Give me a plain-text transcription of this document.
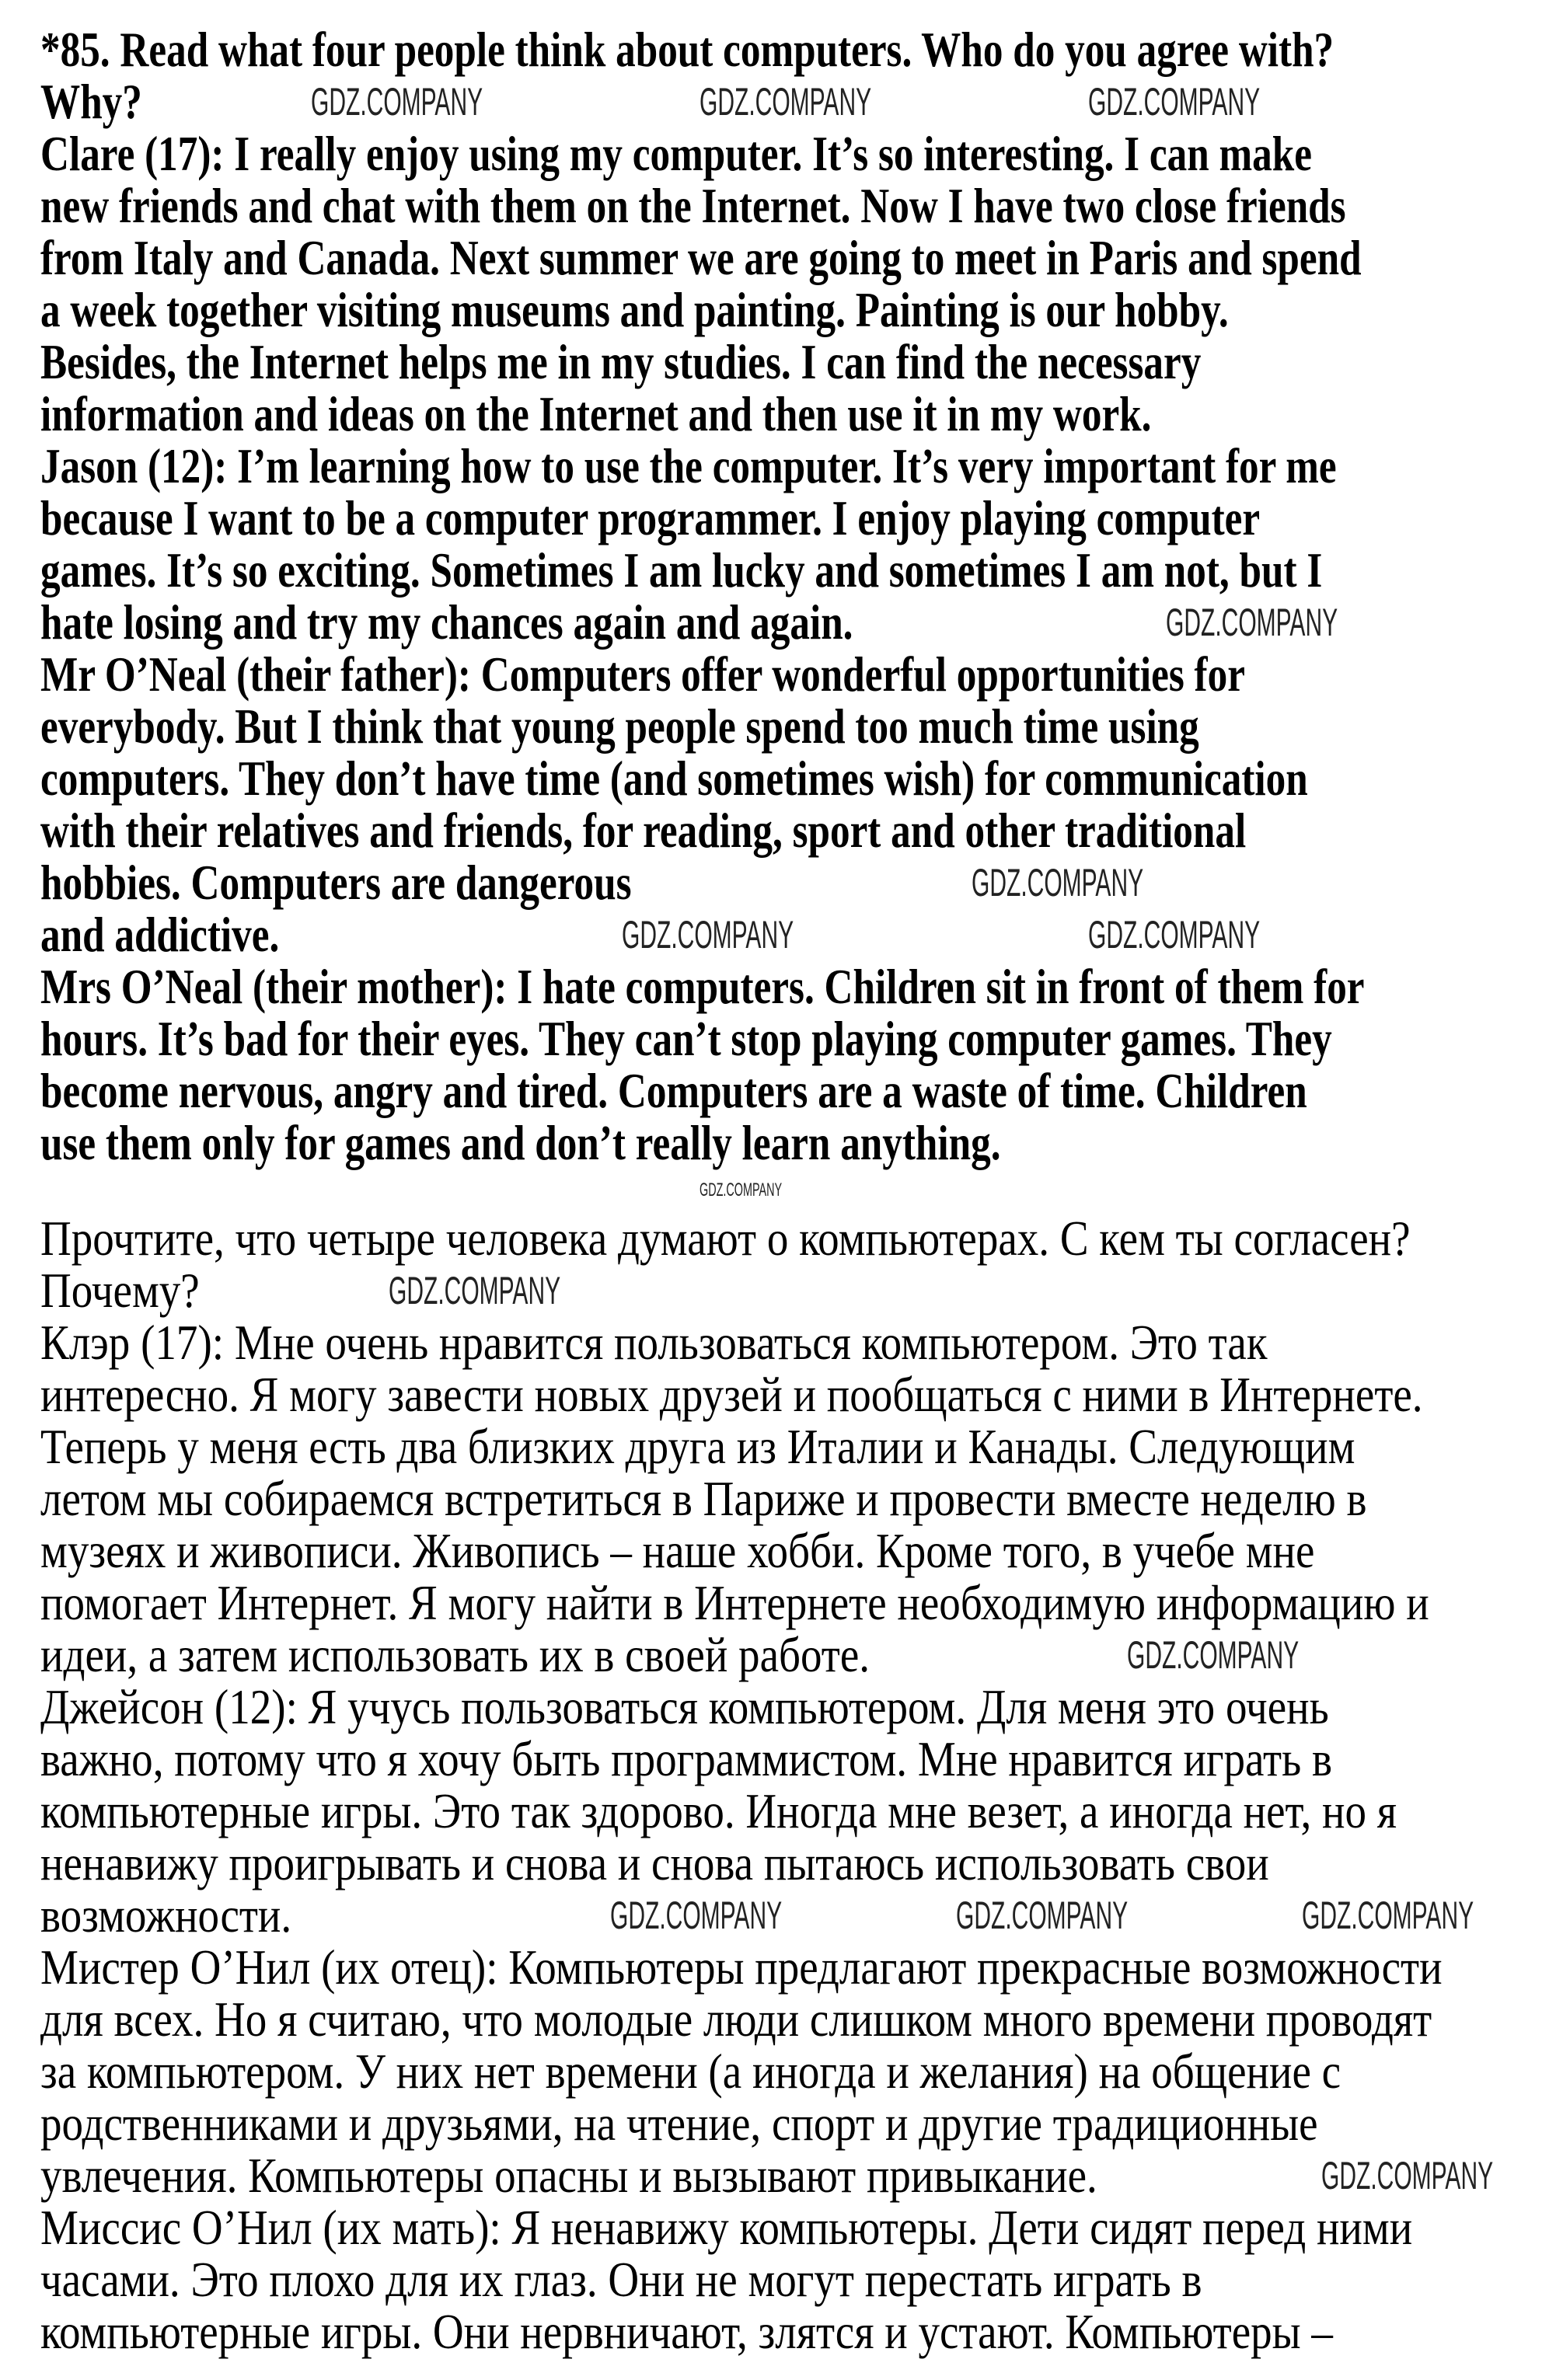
*85. Read what four people think about computers. Who do you agree with?
Why?
Clare (17): I really enjoy using my computer. It’s so interesting. I can make
new friends and chat with them on the Internet. Now I have two close friends
from Italy and Canada. Next summer we are going to meet in Paris and spend
a week together visiting museums and painting. Painting is our hobby.
Besides, the Internet helps me in my studies. I can find the necessary
information and ideas on the Internet and then use it in my work.
Jason (12): I’m learning how to use the computer. It’s very important for me
because I want to be a computer programmer. I enjoy playing computer
games. It’s so exciting. Sometimes I am lucky and sometimes I am not, but I
hate losing and try my chances again and again.
Mr O’Neal (their father): Computers offer wonderful opportunities for
everybody. But I think that young people spend too much time using
computers. They don’t have time (and sometimes wish) for communication
with their relatives and friends, for reading, sport and other traditional
hobbies. Computers are dangerous
and addictive.
Mrs O’Neal (their mother): I hate computers. Children sit in front of them for
hours. It’s bad for their eyes. They can’t stop playing computer games. They
become nervous, angry and tired. Computers are a waste of time. Children
use them only for games and don’t really learn anything.
Прочтите, что четыре человека думают о компьютерах. С кем ты согласен?
Почему?
Клэр (17): Мне очень нравится пользоваться компьютером. Это так
интересно. Я могу завести новых друзей и пообщаться с ними в Интернете.
Теперь у меня есть два близких друга из Италии и Канады. Следующим
летом мы собираемся встретиться в Париже и провести вместе неделю в
музеях и живописи. Живопись – наше хобби. Кроме того, в учебе мне
помогает Интернет. Я могу найти в Интернете необходимую информацию и
идеи, а затем использовать их в своей работе.
Джейсон (12): Я учусь пользоваться компьютером. Для меня это очень
важно, потому что я хочу быть программистом. Мне нравится играть в
компьютерные игры. Это так здорово. Иногда мне везет, а иногда нет, но я
ненавижу проигрывать и снова и снова пытаюсь использовать свои
возможности.
Мистер О’Нил (их отец): Компьютеры предлагают прекрасные возможности
для всех. Но я считаю, что молодые люди слишком много времени проводят
за компьютером. У них нет времени (а иногда и желания) на общение с
родственниками и друзьями, на чтение, спорт и другие традиционные
увлечения. Компьютеры опасны и вызывают привыкание.
Миссис О’Нил (их мать): Я ненавижу компьютеры. Дети сидят перед ними
часами. Это плохо для их глаз. Они не могут перестать играть в
компьютерные игры. Они нервничают, злятся и устают. Компьютеры –
GDZ.COMPANY	GDZ.COMPANY	GDZ.COMPANY
GDZ.COMPANY
GDZ.COMPANY
GDZ.COMPANY	GDZ.COMPANY
GDZ.COMPANY
GDZ.COMPANY
GDZ.COMPANY
GDZ.COMPANY	GDZ.COMPANY	GDZ.COMPANY
GDZ.COMPANY
